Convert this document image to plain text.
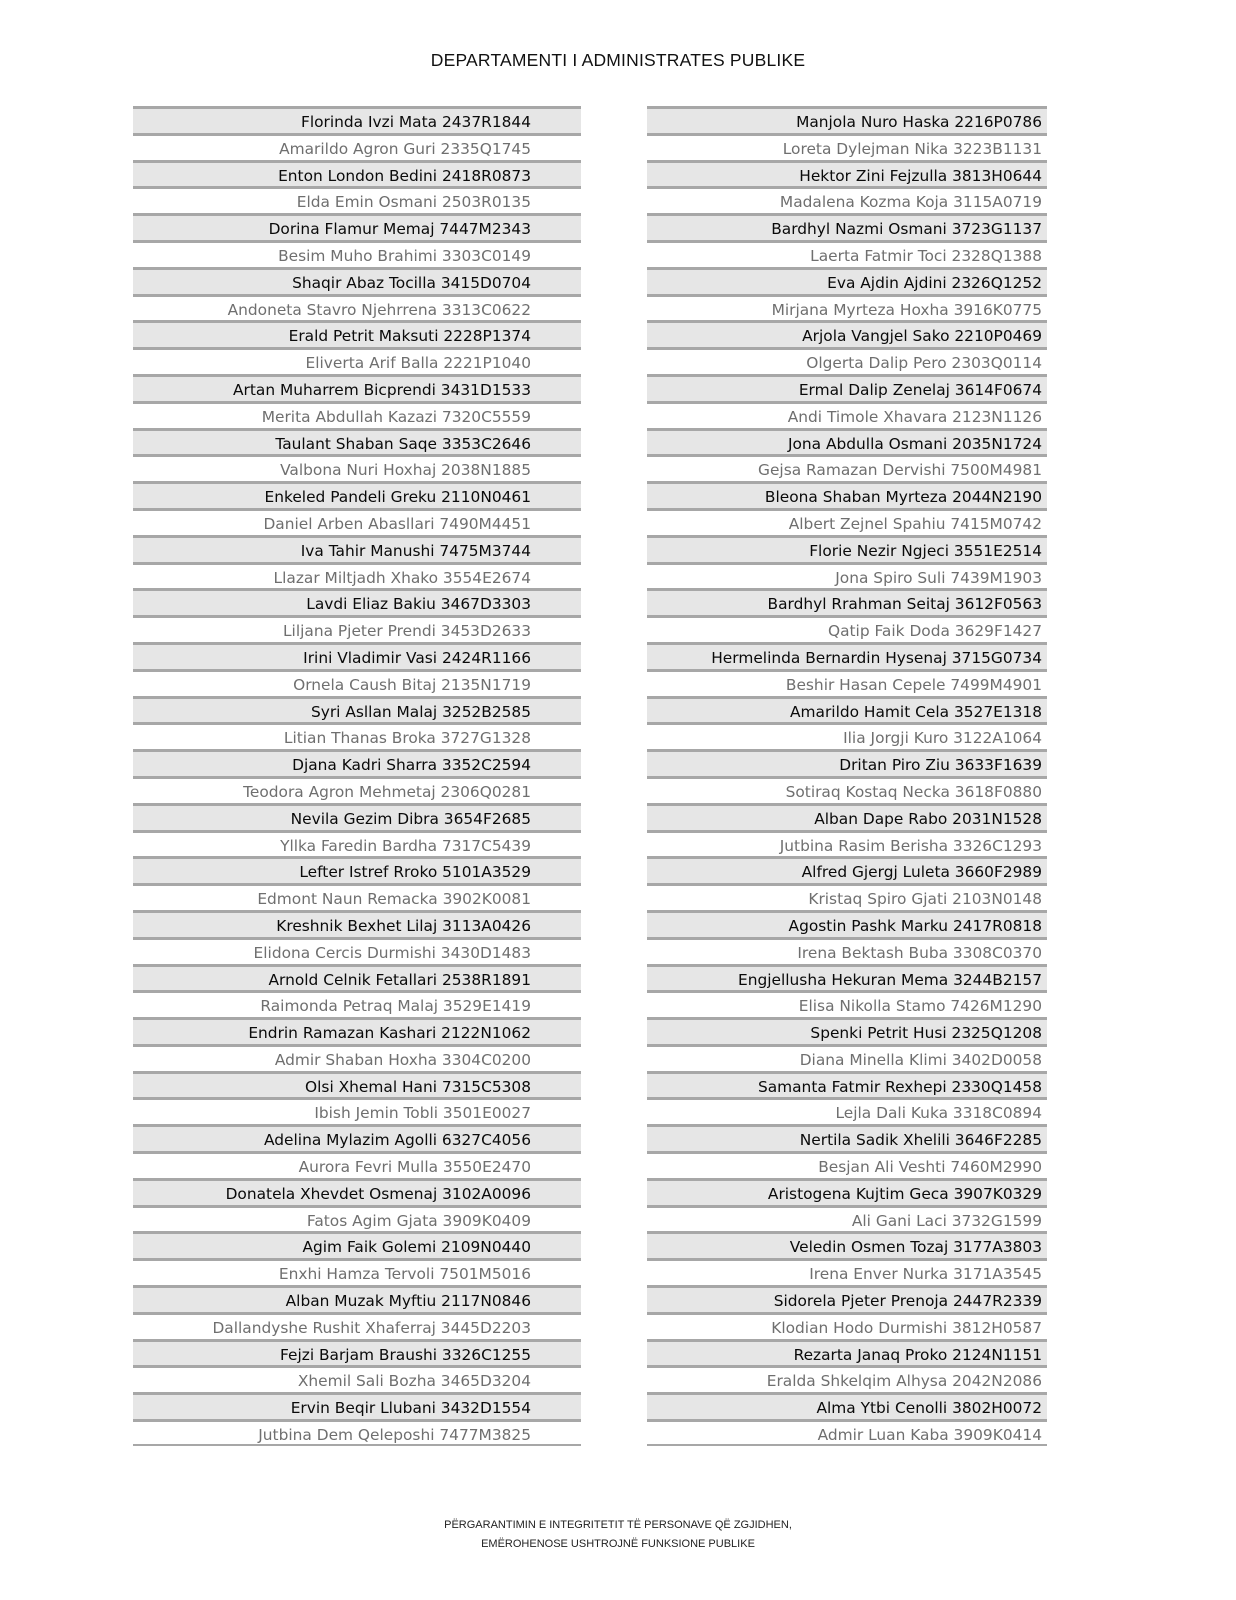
DEPARTAMENTI I ADMINISTRATES PUBLIKE
Florinda Ivzi Mata 2437R1844
Amarildo Agron Guri 2335Q1745
Enton London Bedini 2418R0873
Elda Emin Osmani 2503R0135
Dorina Flamur Memaj 7447M2343
Besim Muho Brahimi 3303C0149
Shaqir Abaz Tocilla 3415D0704
Andoneta Stavro Njehrrena 3313C0622
Erald Petrit Maksuti 2228P1374
Eliverta Arif Balla 2221P1040
Artan Muharrem Bicprendi 3431D1533
Merita Abdullah Kazazi 7320C5559
Taulant Shaban Saqe 3353C2646
Valbona Nuri Hoxhaj 2038N1885
Enkeled Pandeli Greku 2110N0461
Daniel Arben Abasllari 7490M4451
Iva Tahir Manushi 7475M3744
Llazar Miltjadh Xhako 3554E2674
Lavdi Eliaz Bakiu 3467D3303
Liljana Pjeter Prendi 3453D2633
Irini Vladimir Vasi 2424R1166
Ornela Caush Bitaj 2135N1719
Syri Asllan Malaj 3252B2585
Litian Thanas Broka 3727G1328
Djana Kadri Sharra 3352C2594
Teodora Agron Mehmetaj 2306Q0281
Nevila Gezim Dibra 3654F2685
Yllka Faredin Bardha 7317C5439
Lefter Istref Rroko 5101A3529
Edmont Naun Remacka 3902K0081
Kreshnik Bexhet Lilaj 3113A0426
Elidona Cercis Durmishi 3430D1483
Arnold Celnik Fetallari 2538R1891
Raimonda Petraq Malaj 3529E1419
Endrin Ramazan Kashari 2122N1062
Admir Shaban Hoxha 3304C0200
Olsi Xhemal Hani 7315C5308
Ibish Jemin Tobli 3501E0027
Adelina Mylazim Agolli 6327C4056
Aurora Fevri Mulla 3550E2470
Donatela Xhevdet Osmenaj 3102A0096
Fatos Agim Gjata 3909K0409
Agim Faik Golemi 2109N0440
Enxhi Hamza Tervoli 7501M5016
Alban Muzak Myftiu 2117N0846
Dallandyshe Rushit Xhaferraj 3445D2203
Fejzi Barjam Braushi 3326C1255
Xhemil Sali Bozha 3465D3204
Ervin Beqir Llubani 3432D1554
Jutbina Dem Qeleposhi 7477M3825
Manjola Nuro Haska 2216P0786
Loreta Dylejman Nika 3223B1131
Hektor Zini Fejzulla 3813H0644
Madalena Kozma Koja 3115A0719
Bardhyl Nazmi Osmani 3723G1137
Laerta Fatmir Toci 2328Q1388
Eva Ajdin Ajdini 2326Q1252
Mirjana Myrteza Hoxha 3916K0775
Arjola Vangjel Sako 2210P0469
Olgerta Dalip Pero 2303Q0114
Ermal Dalip Zenelaj 3614F0674
Andi Timole Xhavara 2123N1126
Jona Abdulla Osmani 2035N1724
Gejsa Ramazan Dervishi 7500M4981
Bleona Shaban Myrteza 2044N2190
Albert Zejnel Spahiu 7415M0742
Florie Nezir Ngjeci 3551E2514
Jona Spiro Suli 7439M1903
Bardhyl Rrahman Seitaj 3612F0563
Qatip Faik Doda 3629F1427
Hermelinda Bernardin Hysenaj 3715G0734
Beshir Hasan Cepele 7499M4901
Amarildo Hamit Cela 3527E1318
Ilia Jorgji Kuro 3122A1064
Dritan Piro Ziu 3633F1639
Sotiraq Kostaq Necka 3618F0880
Alban Dape Rabo 2031N1528
Jutbina Rasim Berisha 3326C1293
Alfred Gjergj Luleta 3660F2989
Kristaq Spiro Gjati 2103N0148
Agostin Pashk Marku 2417R0818
Irena Bektash Buba 3308C0370
Engjellusha Hekuran Mema 3244B2157
Elisa Nikolla Stamo 7426M1290
Spenki Petrit Husi 2325Q1208
Diana Minella Klimi 3402D0058
Samanta Fatmir Rexhepi 2330Q1458
Lejla Dali Kuka 3318C0894
Nertila Sadik Xhelili 3646F2285
Besjan Ali Veshti 7460M2990
Aristogena Kujtim Geca 3907K0329
Ali Gani Laci 3732G1599
Veledin Osmen Tozaj 3177A3803
Irena Enver Nurka 3171A3545
Sidorela Pjeter Prenoja 2447R2339
Klodian Hodo Durmishi 3812H0587
Rezarta Janaq Proko 2124N1151
Eralda Shkelqim Alhysa 2042N2086
Alma Ytbi Cenolli 3802H0072
Admir Luan Kaba 3909K0414
PËRGARANTIMIN E INTEGRITETIT TË PERSONAVE QË ZGJIDHEN,
EMËROHENOSE USHTROJNË FUNKSIONE PUBLIKE
